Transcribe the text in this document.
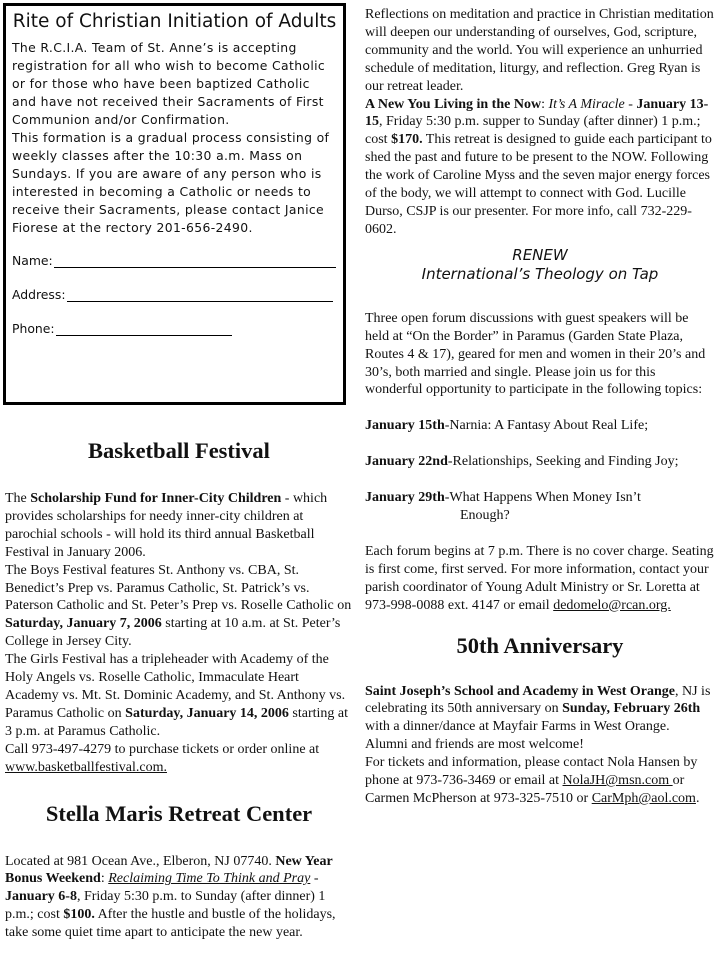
Rite of Christian Initiation of Adults

The R.C.I.A. Team of St. Anne’s is accepting registration for all who wish to become Catholic or for those who have been baptized Catholic and have not received their Sacraments of First Communion and/or Confirmation.

This formation is a gradual process consisting of weekly classes after the 10:30 a.m. Mass on Sundays. If you are aware of any person who is interested in becoming a Catholic or needs to receive their Sacraments, please contact Janice Fiorese at the rectory 201-656-2490.

Name:
Address:
Phone:
Basketball Festival

The Scholarship Fund for Inner-City Children - which provides scholarships for needy inner-city children at parochial schools - will hold its third annual Basketball Festival in January 2006.

The Boys Festival features St. Anthony vs. CBA, St. Benedict’s Prep vs. Paramus Catholic, St. Patrick’s vs. Paterson Catholic and St. Peter’s Prep vs. Roselle Catholic on Saturday, January 7, 2006 starting at 10 a.m. at St. Peter’s College in Jersey City.

The Girls Festival has a tripleheader with Academy of the Holy Angels vs. Roselle Catholic, Immaculate Heart Academy vs. Mt. St. Dominic Academy, and St. Anthony vs. Paramus Catholic on Saturday, January 14, 2006 starting at 3 p.m. at Paramus Catholic.

Call 973-497-4279 to purchase tickets or order online at www.basketballfestival.com.

Stella Maris Retreat Center

Located at 981 Ocean Ave., Elberon, NJ 07740. New Year Bonus Weekend: Reclaiming Time To Think and Pray - January 6-8, Friday 5:30 p.m. to Sunday (after dinner) 1 p.m.; cost $100. After the hustle and bustle of the holidays, take some quiet time apart to anticipate the new year.

Reflections on meditation and practice in Christian meditation will deepen our understanding of ourselves, God, scripture, community and the world. You will experience an unhurried schedule of meditation, liturgy, and reflection. Greg Ryan is our retreat leader.

A New You Living in the Now: It’s A Miracle - January 13-15, Friday 5:30 p.m. supper to Sunday (after dinner) 1 p.m.; cost $170. This retreat is designed to guide each participant to shed the past and future to be present to the NOW. Following the work of Caroline Myss and the seven major energy forces of the body, we will attempt to connect with God. Lucille Durso, CSJP is our presenter. For more info, call 732-229-0602.

RENEW
International’s Theology on Tap

Three open forum discussions with guest speakers will be held at “On the Border” in Paramus (Garden State Plaza, Routes 4 & 17), geared for men and women in their 20’s and 30’s, both married and single. Please join us for this wonderful opportunity to participate in the following topics:

January 15th-Narnia: A Fantasy About Real Life;

January 22nd-Relationships, Seeking and Finding Joy;

January 29th-What Happens When Money Isn’t

Enough?

Each forum begins at 7 p.m. There is no cover charge. Seating is first come, first served. For more information, contact your parish coordinator of Young Adult Ministry or Sr. Loretta at 973-998-0088 ext. 4147 or email dedomelo@rcan.org.

50th Anniversary

Saint Joseph’s School and Academy in West Orange, NJ is celebrating its 50th anniversary on Sunday, February 26th with a dinner/dance at Mayfair Farms in West Orange. Alumni and friends are most welcome!

For tickets and information, please contact Nola Hansen by phone at 973-736-3469 or email at NolaJH@msn.com or Carmen McPherson at 973-325-7510 or CarMph@aol.com.
